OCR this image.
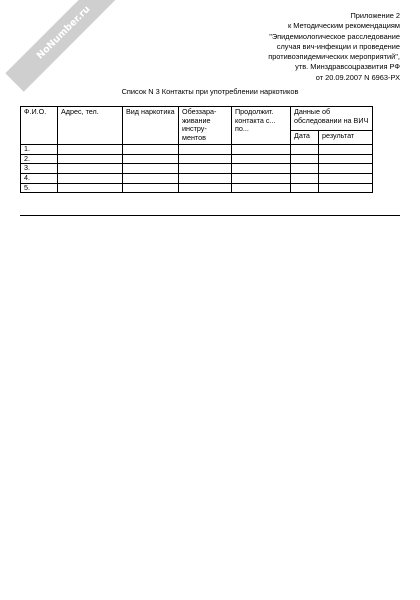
NoNumber.ru	Приложение 2
к Методическим рекомендациям
"Эпидемиологическое расследование
случая вич-инфекции и проведение
противоэпидемических мероприятий",
утв. Минздравсоцразвития РФ
от 20.09.2007 N 6963-РХ
Список N 3 Контакты при употреблении наркотиков
Ф.И.О.	Адрес, тел.	Вид наркотика	Обеззара- живание инстру- ментов	Продолжит. контакта с... по...	Данные об обследовании на ВИЧ	
					Дата	результат
1.						
2.						
3.						
4.						
5.						
